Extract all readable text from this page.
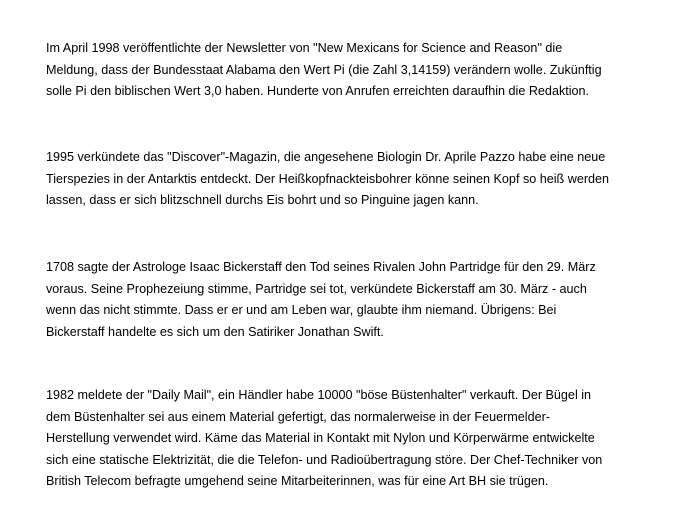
Im April 1998 veröffentlichte der Newsletter von "New Mexicans for Science and Reason" die
Meldung, dass der Bundesstaat Alabama den Wert Pi (die Zahl 3,14159) verändern wolle. Zukünftig
solle Pi den biblischen Wert 3,0 haben. Hunderte von Anrufen erreichten daraufhin die Redaktion.

1995 verkündete das "Discover"-Magazin, die angesehene Biologin Dr. Aprile Pazzo habe eine neue
Tierspezies in der Antarktis entdeckt. Der Heißkopfnackteisbohrer könne seinen Kopf so heiß werden
lassen, dass er sich blitzschnell durchs Eis bohrt und so Pinguine jagen kann.

1708 sagte der Astrologe Isaac Bickerstaff den Tod seines Rivalen John Partridge für den 29. März
voraus. Seine Prophezeiung stimme, Partridge sei tot, verkündete Bickerstaff am 30. März - auch
wenn das nicht stimmte. Dass er er und am Leben war, glaubte ihm niemand. Übrigens: Bei
Bickerstaff handelte es sich um den Satiriker Jonathan Swift.

1982 meldete der "Daily Mail", ein Händler habe 10000 "böse Büstenhalter" verkauft. Der Bügel in
dem Büstenhalter sei aus einem Material gefertigt, das normalerweise in der Feuermelder-
Herstellung verwendet wird. Käme das Material in Kontakt mit Nylon und Körperwärme entwickelte
sich eine statische Elektrizität, die die Telefon- und Radioübertragung störe. Der Chef-Techniker von
British Telecom befragte umgehend seine Mitarbeiterinnen, was für eine Art BH sie trügen.
